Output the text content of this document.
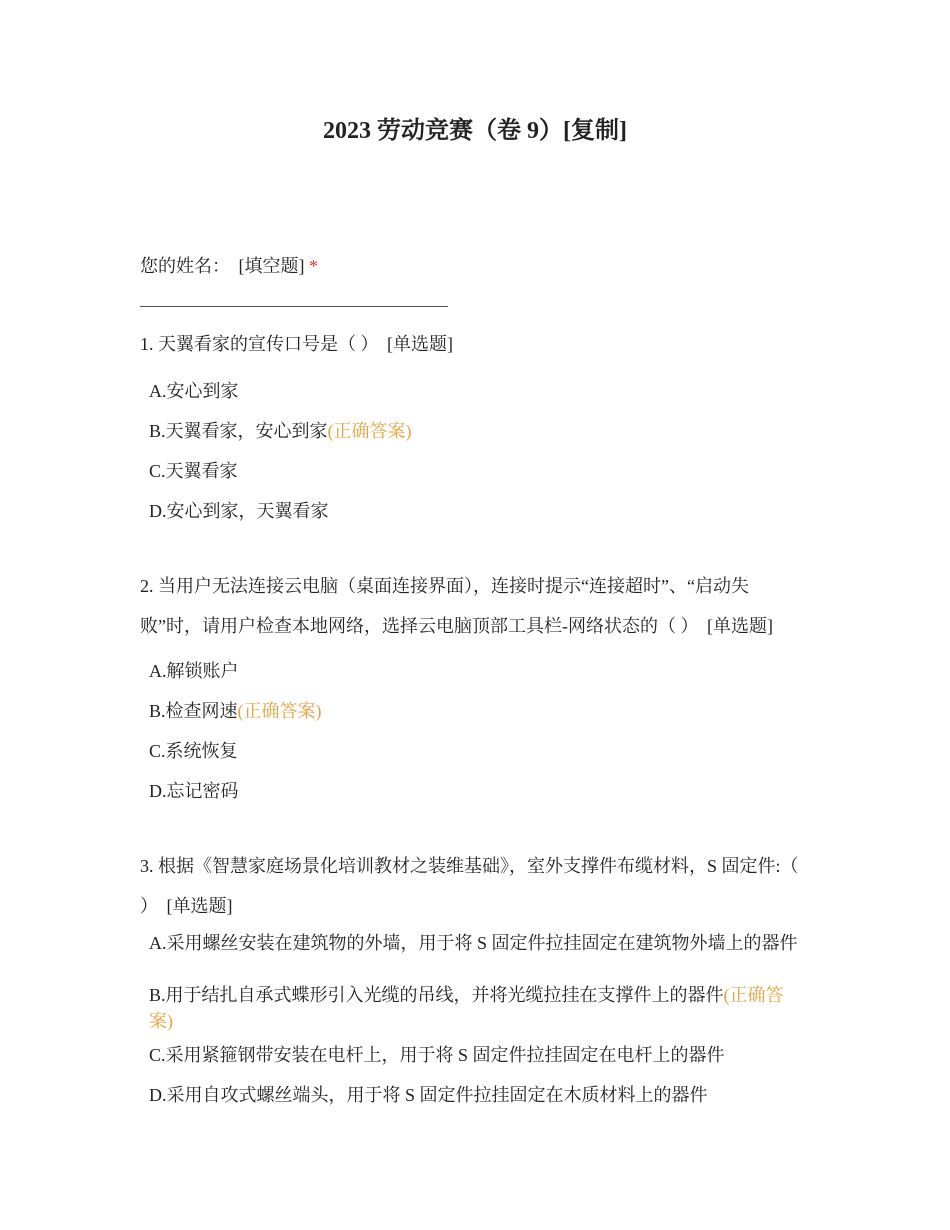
2023 劳动竞赛（卷 9）[复制]
您的姓名： [填空题] *
1. 天翼看家的宣传口号是（ ） [单选题]
A.安心到家
B.天翼看家，安心到家(正确答案)
C.天翼看家
D.安心到家，天翼看家
2. 当用户无法连接云电脑（桌面连接界面），连接时提示“连接超时”、“启动失败”时，请用户检查本地网络，选择云电脑顶部工具栏-网络状态的（ ） [单选题]
A.解锁账户
B.检查网速(正确答案)
C.系统恢复
D.忘记密码
3. 根据《智慧家庭场景化培训教材之装维基础》，室外支撑件布缆材料，S 固定件:（ ） [单选题]
A.采用螺丝安装在建筑物的外墙，用于将 S 固定件拉挂固定在建筑物外墙上的器件
B.用于结扎自承式蝶形引入光缆的吊线，并将光缆拉挂在支撑件上的器件(正确答案)
C.采用紧箍钢带安装在电杆上，用于将 S 固定件拉挂固定在电杆上的器件
D.采用自攻式螺丝端头，用于将 S 固定件拉挂固定在木质材料上的器件
